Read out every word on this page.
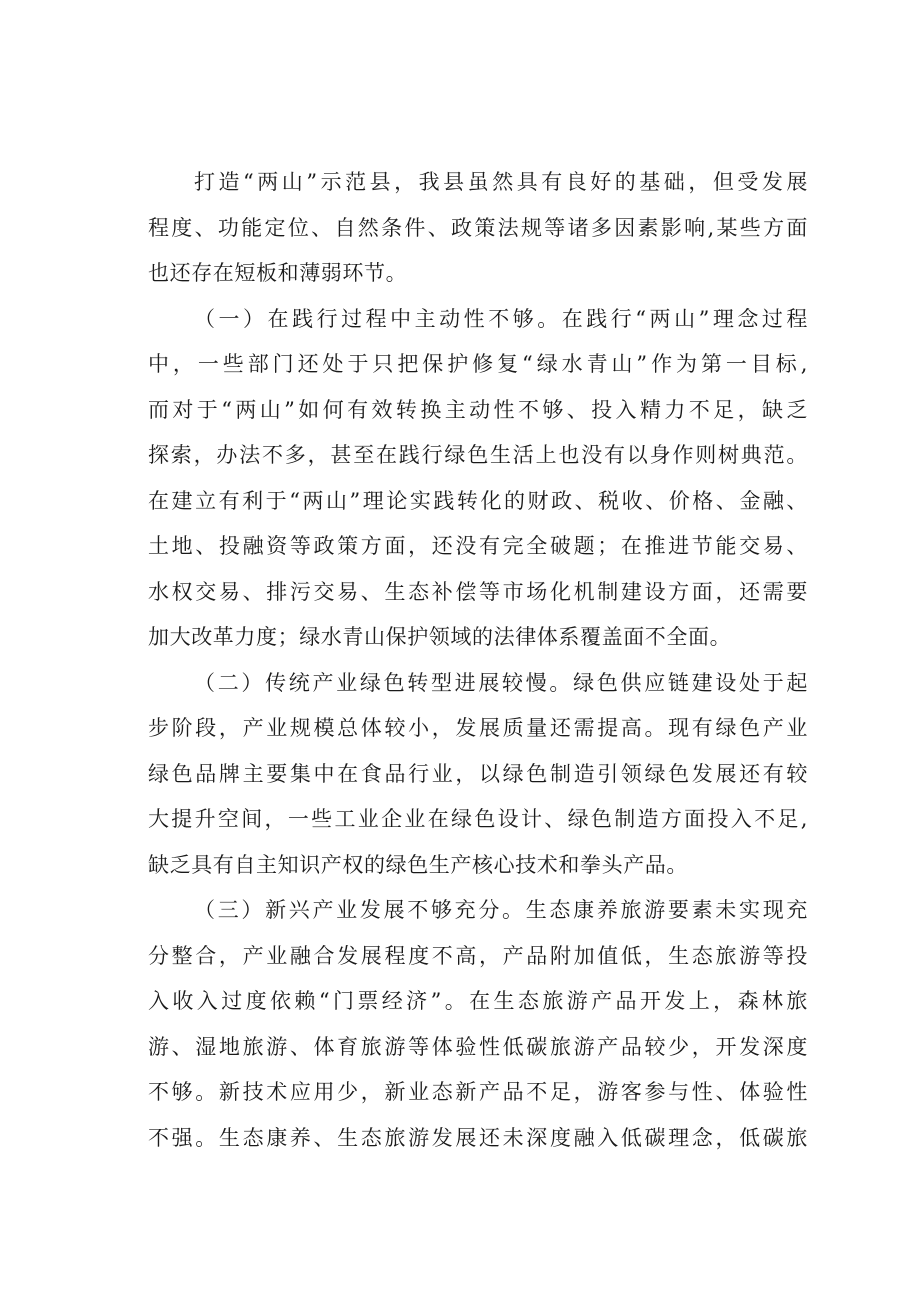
打造“两山”示范县，我县虽然具有良好的基础，但受发展
程度、功能定位、自然条件、政策法规等诸多因素影响,某些方面
也还存在短板和薄弱环节。
（一）在践行过程中主动性不够。在践行“两山”理念过程
中，一些部门还处于只把保护修复“绿水青山”作为第一目标,
而对于“两山”如何有效转换主动性不够、投入精力不足，缺乏
探索，办法不多，甚至在践行绿色生活上也没有以身作则树典范。
在建立有利于“两山”理论实践转化的财政、税收、价格、金融、
土地、投融资等政策方面，还没有完全破题；在推进节能交易、
水权交易、排污交易、生态补偿等市场化机制建设方面，还需要
加大改革力度；绿水青山保护领域的法律体系覆盖面不全面。
（二）传统产业绿色转型进展较慢。绿色供应链建设处于起
步阶段，产业规模总体较小，发展质量还需提高。现有绿色产业
绿色品牌主要集中在食品行业，以绿色制造引领绿色发展还有较
大提升空间，一些工业企业在绿色设计、绿色制造方面投入不足,
缺乏具有自主知识产权的绿色生产核心技术和拳头产品。
（三）新兴产业发展不够充分。生态康养旅游要素未实现充
分整合，产业融合发展程度不高，产品附加值低，生态旅游等投
入收入过度依赖“门票经济”。在生态旅游产品开发上，森林旅
游、湿地旅游、体育旅游等体验性低碳旅游产品较少，开发深度
不够。新技术应用少，新业态新产品不足，游客参与性、体验性
不强。生态康养、生态旅游发展还未深度融入低碳理念，低碳旅
